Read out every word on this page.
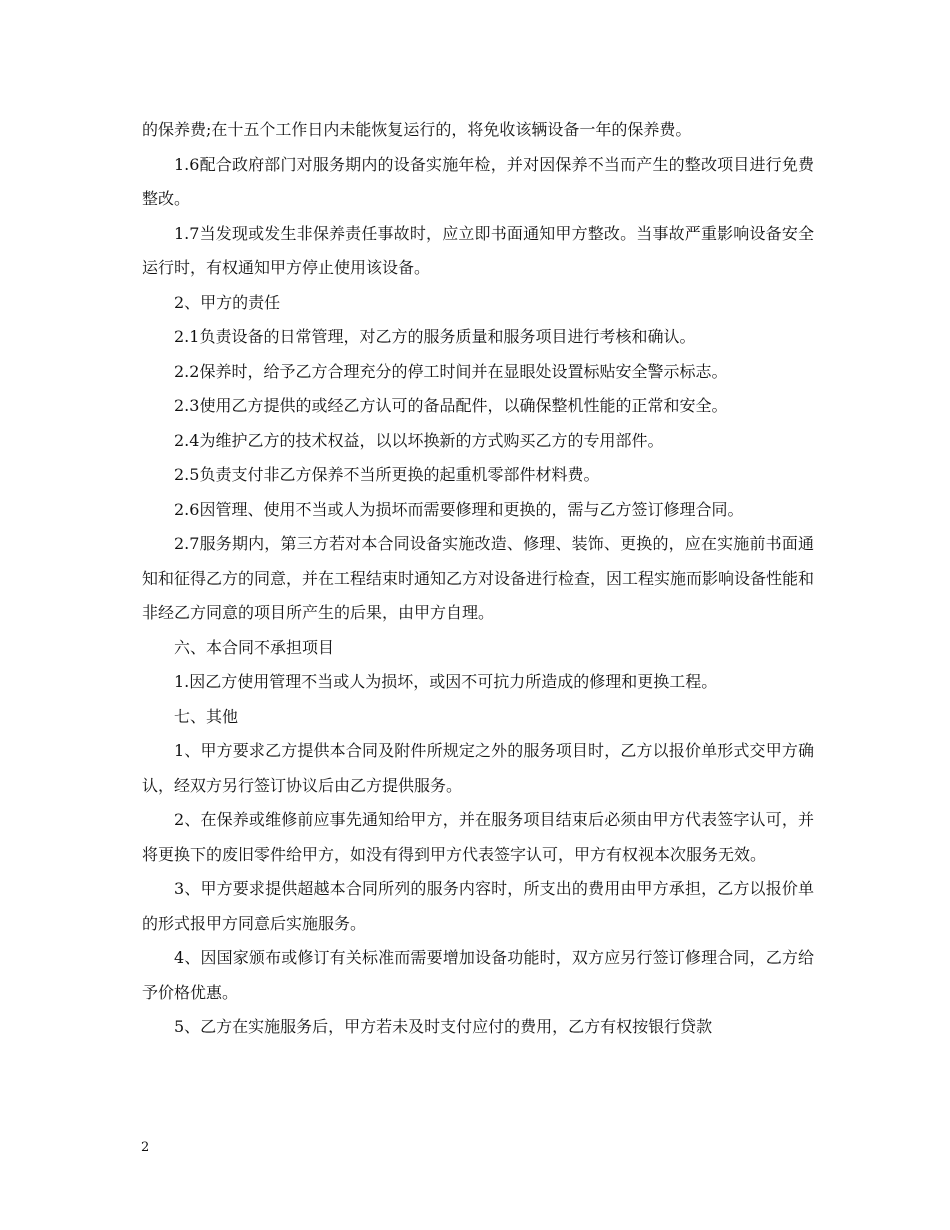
的保养费;在十五个工作日内未能恢复运行的，将免收该辆设备一年的保养费。

1.6配合政府部门对服务期内的设备实施年检，并对因保养不当而产生的整改项目进行免费整改。

1.7当发现或发生非保养责任事故时，应立即书面通知甲方整改。当事故严重影响设备安全运行时，有权通知甲方停止使用该设备。

2、甲方的责任

2.1负责设备的日常管理，对乙方的服务质量和服务项目进行考核和确认。

2.2保养时，给予乙方合理充分的停工时间并在显眼处设置标贴安全警示标志。

2.3使用乙方提供的或经乙方认可的备品配件，以确保整机性能的正常和安全。

2.4为维护乙方的技术权益，以以坏换新的方式购买乙方的专用部件。

2.5负责支付非乙方保养不当所更换的起重机零部件材料费。

2.6因管理、使用不当或人为损坏而需要修理和更换的，需与乙方签订修理合同。

2.7服务期内，第三方若对本合同设备实施改造、修理、装饰、更换的，应在实施前书面通知和征得乙方的同意，并在工程结束时通知乙方对设备进行检查，因工程实施而影响设备性能和非经乙方同意的项目所产生的后果，由甲方自理。

六、本合同不承担项目

1.因乙方使用管理不当或人为损坏，或因不可抗力所造成的修理和更换工程。

七、其他

1、甲方要求乙方提供本合同及附件所规定之外的服务项目时，乙方以报价单形式交甲方确认，经双方另行签订协议后由乙方提供服务。

2、在保养或维修前应事先通知给甲方，并在服务项目结束后必须由甲方代表签字认可，并将更换下的废旧零件给甲方，如没有得到甲方代表签字认可，甲方有权视本次服务无效。

3、甲方要求提供超越本合同所列的服务内容时，所支出的费用由甲方承担，乙方以报价单的形式报甲方同意后实施服务。

4、因国家颁布或修订有关标准而需要增加设备功能时，双方应另行签订修理合同，乙方给予价格优惠。

5、乙方在实施服务后，甲方若未及时支付应付的费用，乙方有权按银行贷款

2
